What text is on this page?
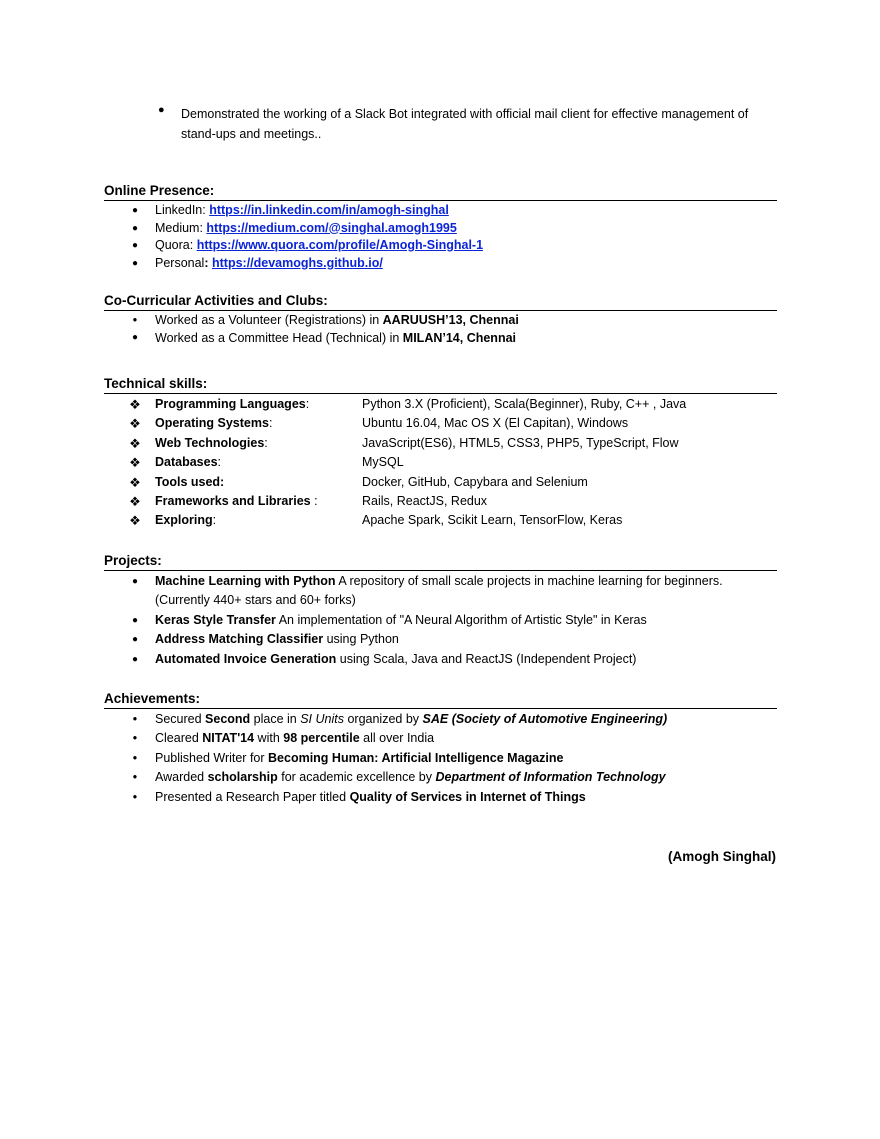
● Demonstrated the working of a Slack Bot integrated with official mail client for effective management of stand-ups and meetings..
Online Presence:
●	LinkedIn: https://in.linkedin.com/in/amogh-singhal
●	Medium: https://medium.com/@singhal.amogh1995
●	Quora: https://www.quora.com/profile/Amogh-Singhal-1
●	Personal: https://devamoghs.github.io/
Co-Curricular Activities and Clubs:
•	Worked as a Volunteer (Registrations) in AARUUSH’13, Chennai
●	Worked as a Committee Head (Technical) in MILAN’14, Chennai
Technical skills:
❖ Programming Languages:	Python 3.X (Proficient), Scala(Beginner), Ruby, C++ , Java
❖ Operating Systems:	Ubuntu 16.04, Mac OS X (El Capitan), Windows
❖ Web Technologies:	JavaScript(ES6), HTML5, CSS3, PHP5, TypeScript, Flow
❖ Databases:	MySQL
❖ Tools used:	Docker, GitHub, Capybara and Selenium
❖ Frameworks and Libraries :	Rails, ReactJS, Redux
❖ Exploring:	Apache Spark, Scikit Learn, TensorFlow, Keras
Projects:
●	Machine Learning with Python A repository of small scale projects in machine learning for beginners.
(Currently 440+ stars and 60+ forks)
●	Keras Style Transfer An implementation of "A Neural Algorithm of Artistic Style" in Keras
●	Address Matching Classifier using Python
●	Automated Invoice Generation using Scala, Java and ReactJS (Independent Project)
Achievements:
•	Secured Second place in SI Units organized by SAE (Society of Automotive Engineering)
•	Cleared NITAT'14 with 98 percentile all over India
•	Published Writer for Becoming Human: Artificial Intelligence Magazine
•	Awarded scholarship for academic excellence by Department of Information Technology
•	Presented a Research Paper titled Quality of Services in Internet of Things
(Amogh Singhal)
